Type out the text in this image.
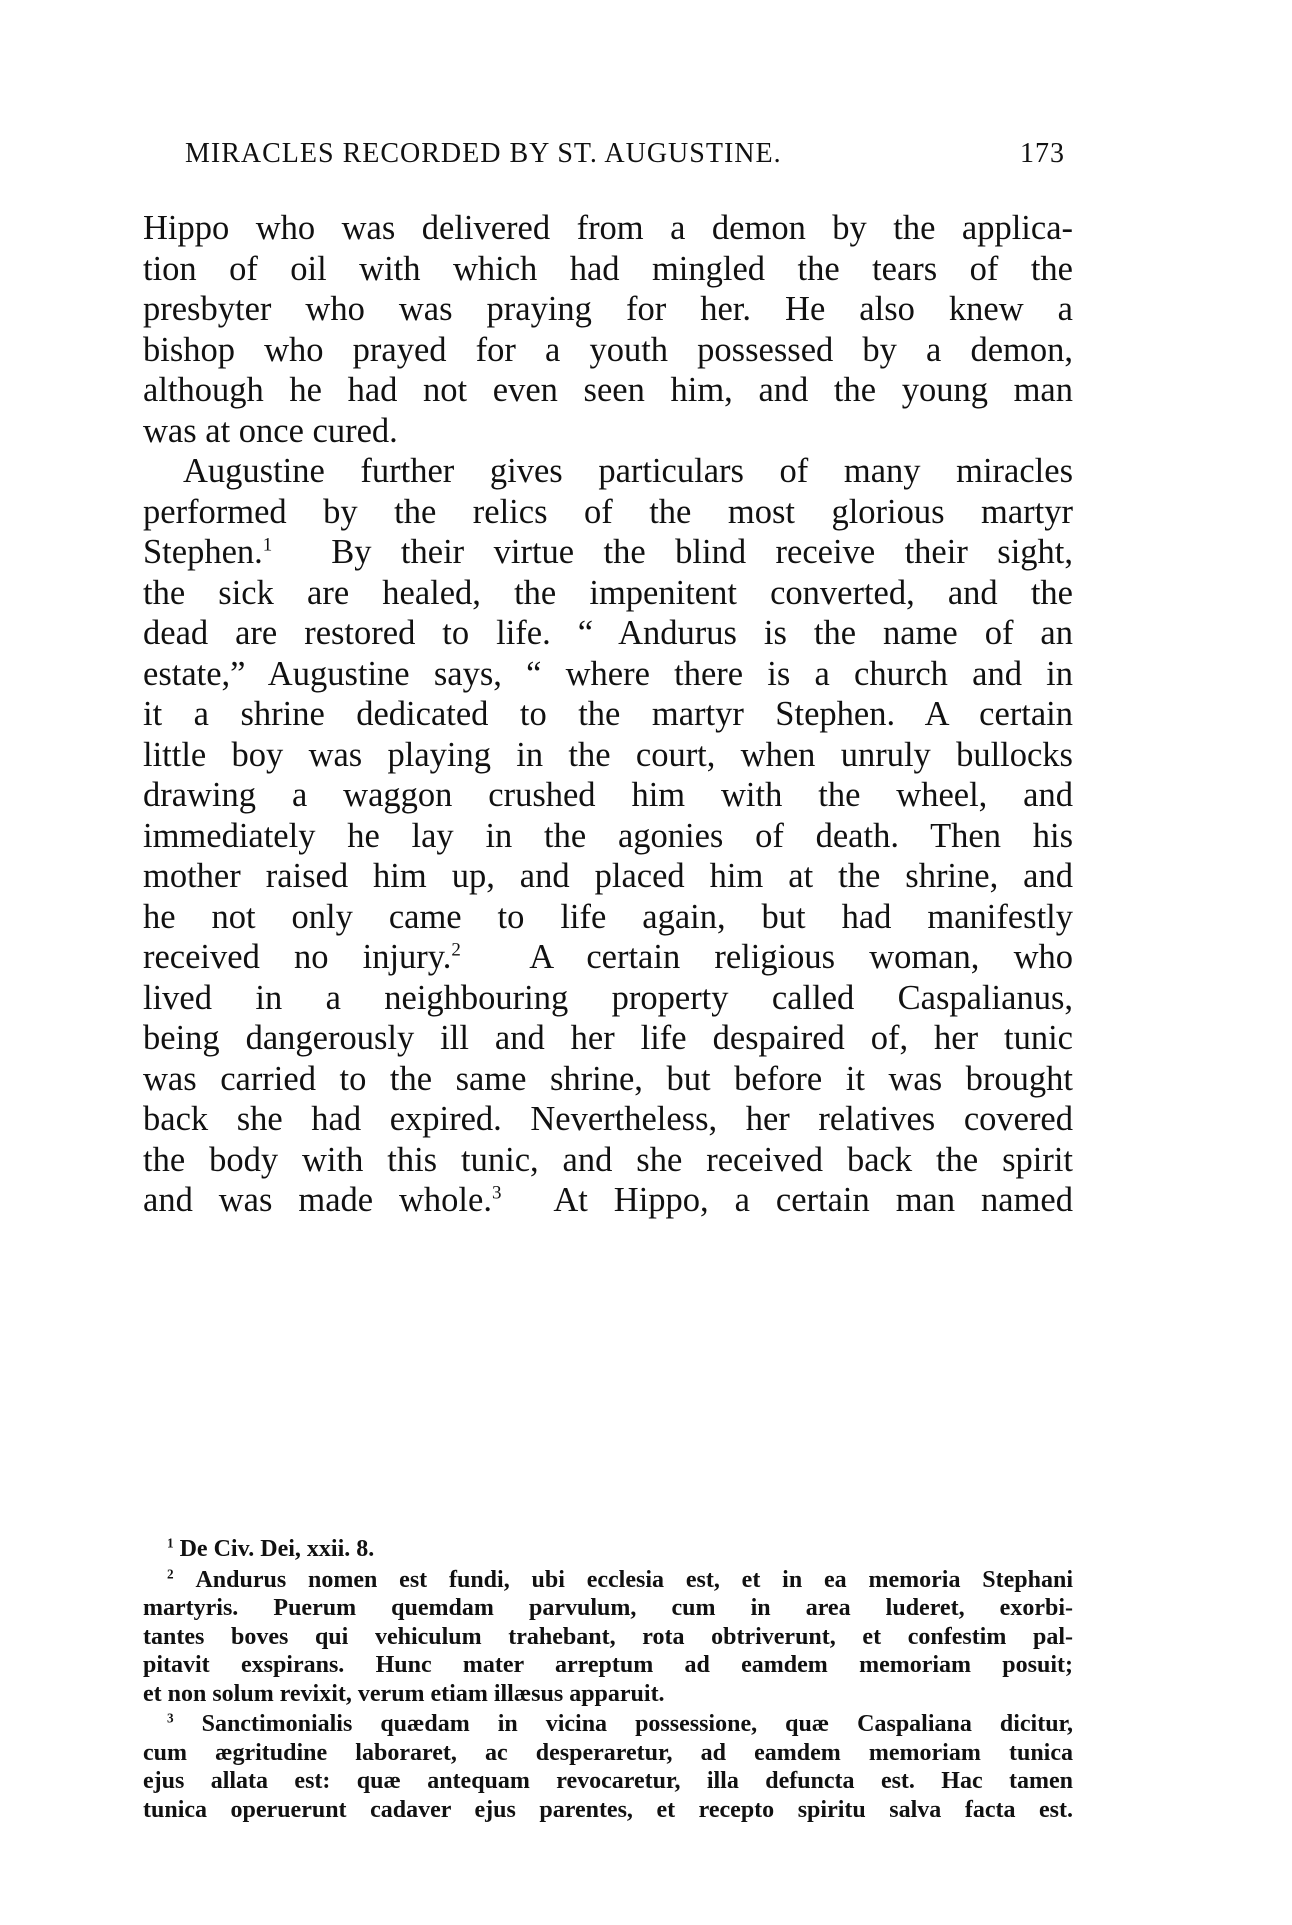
MIRACLES RECORDED BY ST. AUGUSTINE.	173
Hippo who was delivered from a demon by the applica-
tion of oil with which had mingled the tears of the
presbyter who was praying for her. He also knew a
bishop who prayed for a youth possessed by a demon,
although he had not even seen him, and the young man
was at once cured.
Augustine further gives particulars of many miracles
performed by the relics of the most glorious martyr
Stephen.$^1$ By their virtue the blind receive their sight,
the sick are healed, the impenitent converted, and the
dead are restored to life. “ Andurus is the name of an
estate,” Augustine says, “ where there is a church and in
it a shrine dedicated to the martyr Stephen. A certain
little boy was playing in the court, when unruly bullocks
drawing a waggon crushed him with the wheel, and
immediately he lay in the agonies of death. Then his
mother raised him up, and placed him at the shrine, and
he not only came to life again, but had manifestly
received no injury.$^2$ A certain religious woman, who
lived in a neighbouring property called Caspalianus,
being dangerously ill and her life despaired of, her tunic
was carried to the same shrine, but before it was brought
back she had expired. Nevertheless, her relatives covered
the body with this tunic, and she received back the spirit
and was made whole.$^3$ At Hippo, a certain man named
$^1$ De Civ. Dei, xxii. 8.
$^2$ Andurus nomen est fundi, ubi ecclesia est, et in ea memoria Stephani
martyris. Puerum quemdam parvulum, cum in area luderet, exorbi-
tantes boves qui vehiculum trahebant, rota obtriverunt, et confestim pal-
pitavit exspirans. Hunc mater arreptum ad eamdem memoriam posuit;
et non solum revixit, verum etiam illæsus apparuit.
$^3$ Sanctimonialis quædam in vicina possessione, quæ Caspaliana dicitur,
cum ægritudine laboraret, ac desperaretur, ad eamdem memoriam tunica
ejus allata est: quæ antequam revocaretur, illa defuncta est. Hac tamen
tunica operuerunt cadaver ejus parentes, et recepto spiritu salva facta est.
